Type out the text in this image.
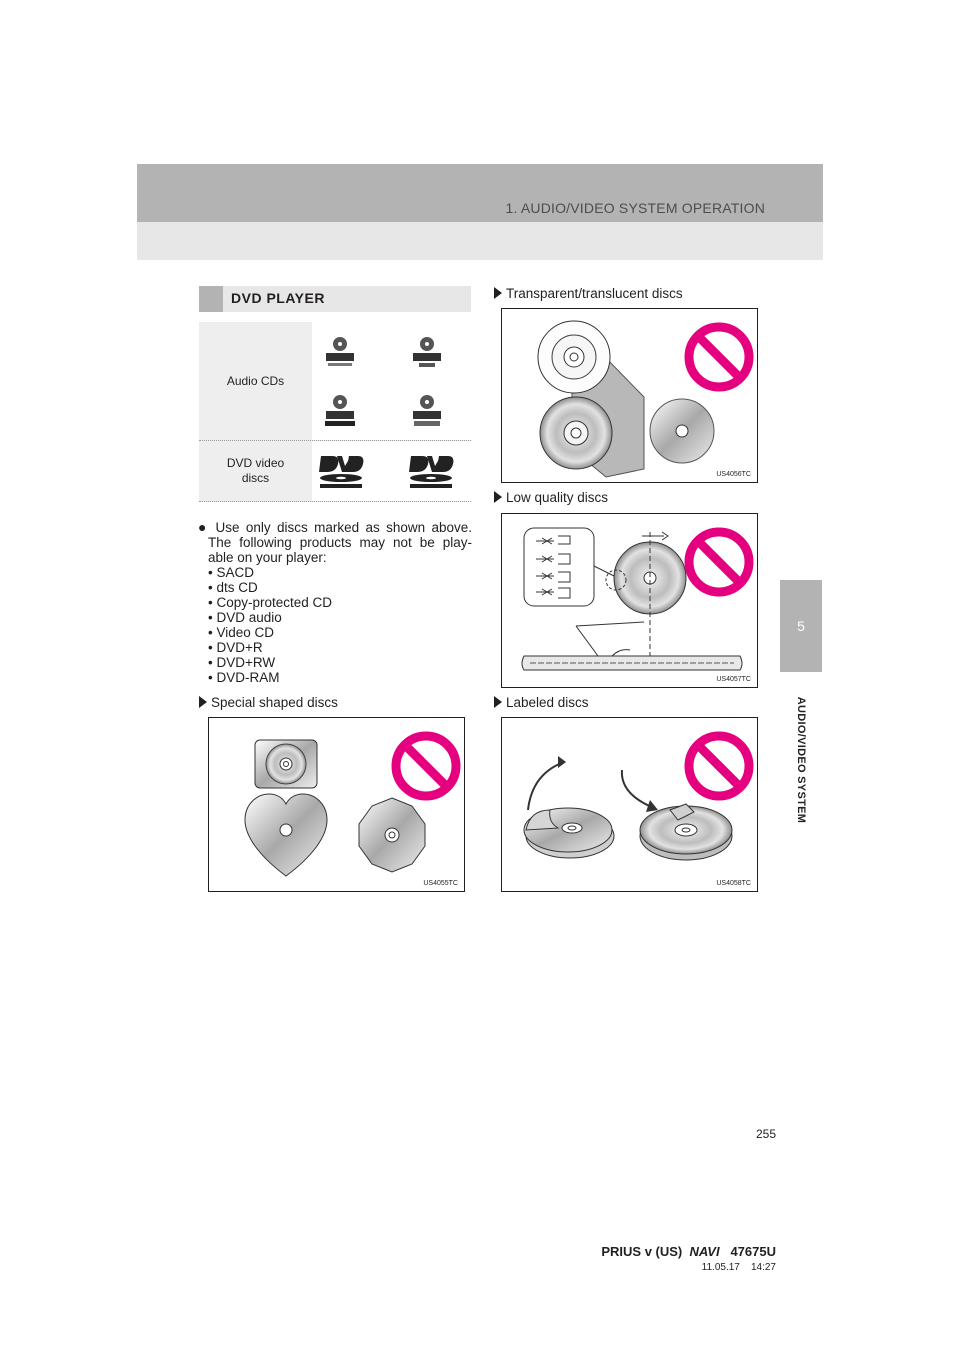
1. AUDIO/VIDEO SYSTEM OPERATION
5
AUDIO/VIDEO SYSTEM
DVD PLAYER
Audio CDs
DVD video
discs
● Use only discs marked as shown above.
The following products may not be play-
able on your player:
• SACD
• dts CD
• Copy-protected CD
• DVD audio
• Video CD
• DVD+R
• DVD+RW
• DVD-RAM
Special shaped discs
Transparent/translucent discs
Low quality discs
Labeled discs
US4055TC
US4056TC
US4057TC
US4058TC
255
PRIUS v (US) NAVI 47675U
11.05.17 14:27
